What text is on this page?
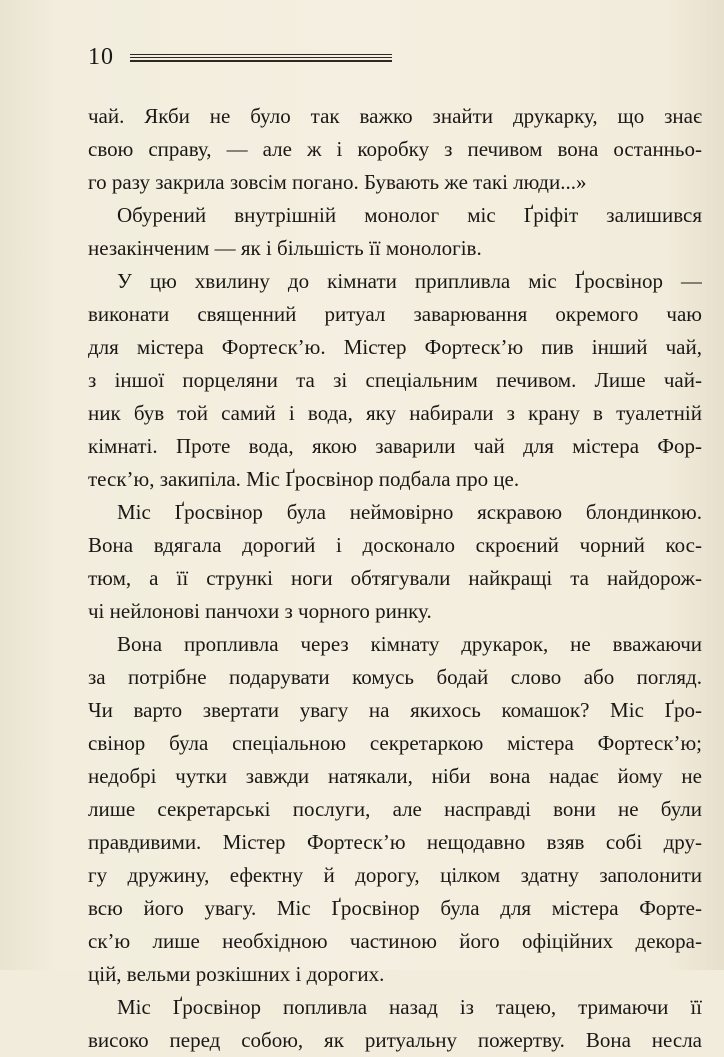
10
чай. Якби не було так важко знайти друкарку, що знає
свою справу, — але ж і коробку з печивом вона останньо-
го разу закрила зовсім погано. Бувають же такі люди...»
Обурений внутрішній монолог міс Ґріфіт залишився
незакінченим — як і більшість її монологів.
У цю хвилину до кімнати припливла міс Ґросвінор —
виконати священний ритуал заварювання окремого чаю
для містера Фортеск’ю. Містер Фортеск’ю пив інший чай,
з іншої порцеляни та зі спеціальним печивом. Лише чай-
ник був той самий і вода, яку набирали з крану в туалетній
кімнаті. Проте вода, якою заварили чай для містера Фор-
теск’ю, закипіла. Міс Ґросвінор подбала про це.
Міс Ґросвінор була неймовірно яскравою блондинкою.
Вона вдягала дорогий і досконало скроєний чорний кос-
тюм, а її стрункі ноги обтягували найкращі та найдорож-
чі нейлонові панчохи з чорного ринку.
Вона пропливла через кімнату друкарок, не вважаючи
за потрібне подарувати комусь бодай слово або погляд.
Чи варто звертати увагу на якихось комашок? Міс Ґро-
свінор була спеціальною секретаркою містера Фортеск’ю;
недобрі чутки завжди натякали, ніби вона надає йому не
лише секретарські послуги, але насправді вони не були
правдивими. Містер Фортеск’ю нещодавно взяв собі дру-
гу дружину, ефектну й дорогу, цілком здатну заполонити
всю його увагу. Міс Ґросвінор була для містера Форте-
ск’ю лише необхідною частиною його офіційних декора-
цій, вельми розкішних і дорогих.
Міс Ґросвінор попливла назад із тацею, тримаючи її
високо перед собою, як ритуальну пожертву. Вона несла
